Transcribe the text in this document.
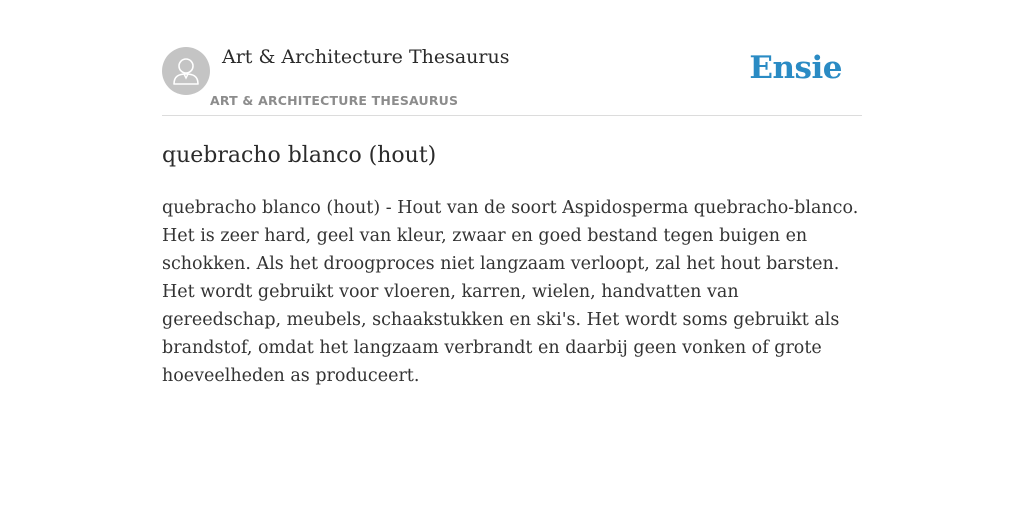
Art & Architecture Thesaurus
ART & ARCHITECTURE THESAURUS
Ensie
quebracho blanco (hout)

quebracho blanco (hout) - Hout van de soort Aspidosperma quebracho-blanco. Het is zeer hard, geel van kleur, zwaar en goed bestand tegen buigen en schokken. Als het droogproces niet langzaam verloopt, zal het hout barsten. Het wordt gebruikt voor vloeren, karren, wielen, handvatten van gereedschap, meubels, schaakstukken en ski's. Het wordt soms gebruikt als brandstof, omdat het langzaam verbrandt en daarbij geen vonken of grote hoeveelheden as produceert.
